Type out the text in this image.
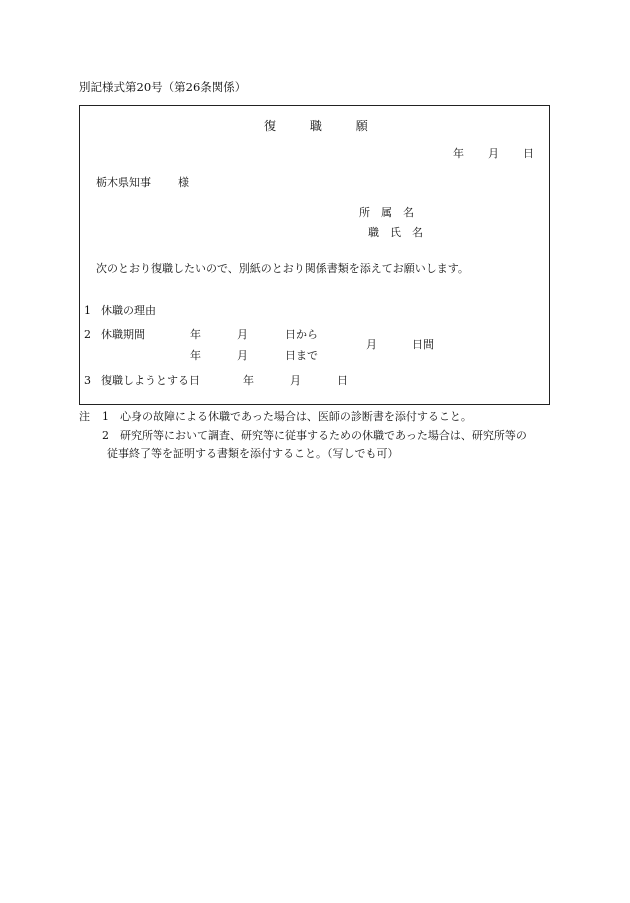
別記様式第20号（第26条関係）
復	職	願
年 月 日
栃木県知事 様
所　属　名
職　氏　名
次のとおり復職したいので、別紙のとおり関係書類を添えてお願いします。
1 休職の理由
2 休職期間	年	月	日から
年	月	日まで
月	日間
3 復職しようとする日	年	月	日
注 1 心身の故障による休職であった場合は、医師の診断書を添付すること。
2 研究所等において調査、研究等に従事するための休職であった場合は、研究所等の
従事終了等を証明する書類を添付すること。（写しでも可）
